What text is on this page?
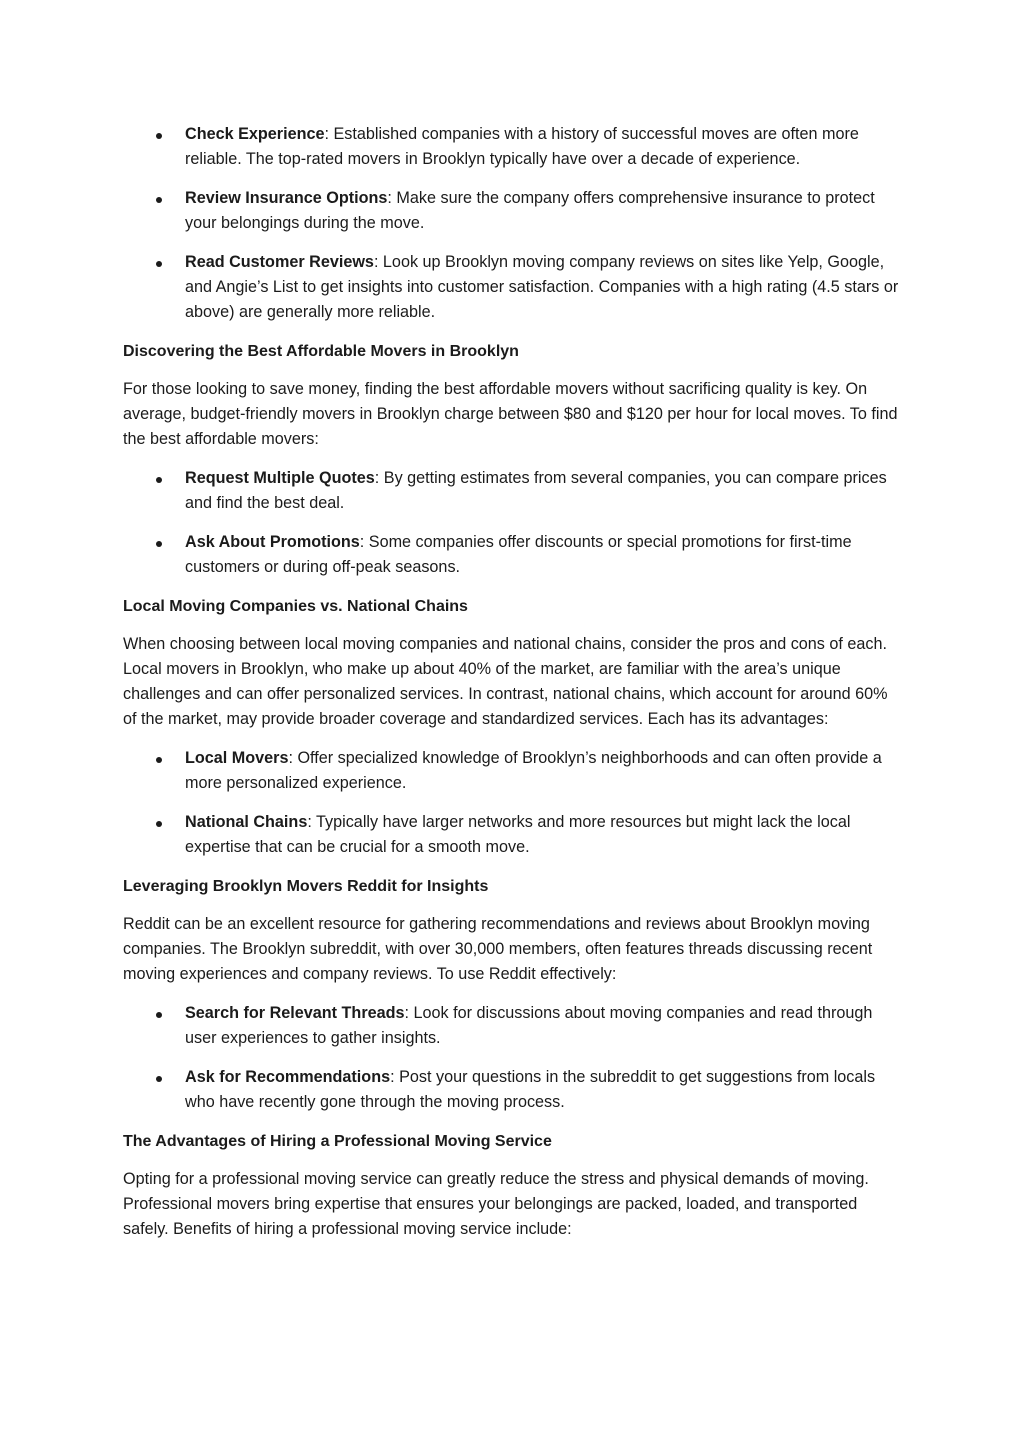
Check Experience: Established companies with a history of successful moves are often more reliable. The top-rated movers in Brooklyn typically have over a decade of experience.
Review Insurance Options: Make sure the company offers comprehensive insurance to protect your belongings during the move.
Read Customer Reviews: Look up Brooklyn moving company reviews on sites like Yelp, Google, and Angie’s List to get insights into customer satisfaction. Companies with a high rating (4.5 stars or above) are generally more reliable.
Discovering the Best Affordable Movers in Brooklyn

For those looking to save money, finding the best affordable movers without sacrificing quality is key. On average, budget-friendly movers in Brooklyn charge between $80 and $120 per hour for local moves. To find the best affordable movers:

Request Multiple Quotes: By getting estimates from several companies, you can compare prices and find the best deal.
Ask About Promotions: Some companies offer discounts or special promotions for first-time customers or during off-peak seasons.
Local Moving Companies vs. National Chains

When choosing between local moving companies and national chains, consider the pros and cons of each. Local movers in Brooklyn, who make up about 40% of the market, are familiar with the area’s unique challenges and can offer personalized services. In contrast, national chains, which account for around 60% of the market, may provide broader coverage and standardized services. Each has its advantages:

Local Movers: Offer specialized knowledge of Brooklyn’s neighborhoods and can often provide a more personalized experience.
National Chains: Typically have larger networks and more resources but might lack the local expertise that can be crucial for a smooth move.
Leveraging Brooklyn Movers Reddit for Insights

Reddit can be an excellent resource for gathering recommendations and reviews about Brooklyn moving companies. The Brooklyn subreddit, with over 30,000 members, often features threads discussing recent moving experiences and company reviews. To use Reddit effectively:

Search for Relevant Threads: Look for discussions about moving companies and read through user experiences to gather insights.
Ask for Recommendations: Post your questions in the subreddit to get suggestions from locals who have recently gone through the moving process.
The Advantages of Hiring a Professional Moving Service

Opting for a professional moving service can greatly reduce the stress and physical demands of moving. Professional movers bring expertise that ensures your belongings are packed, loaded, and transported safely. Benefits of hiring a professional moving service include:
